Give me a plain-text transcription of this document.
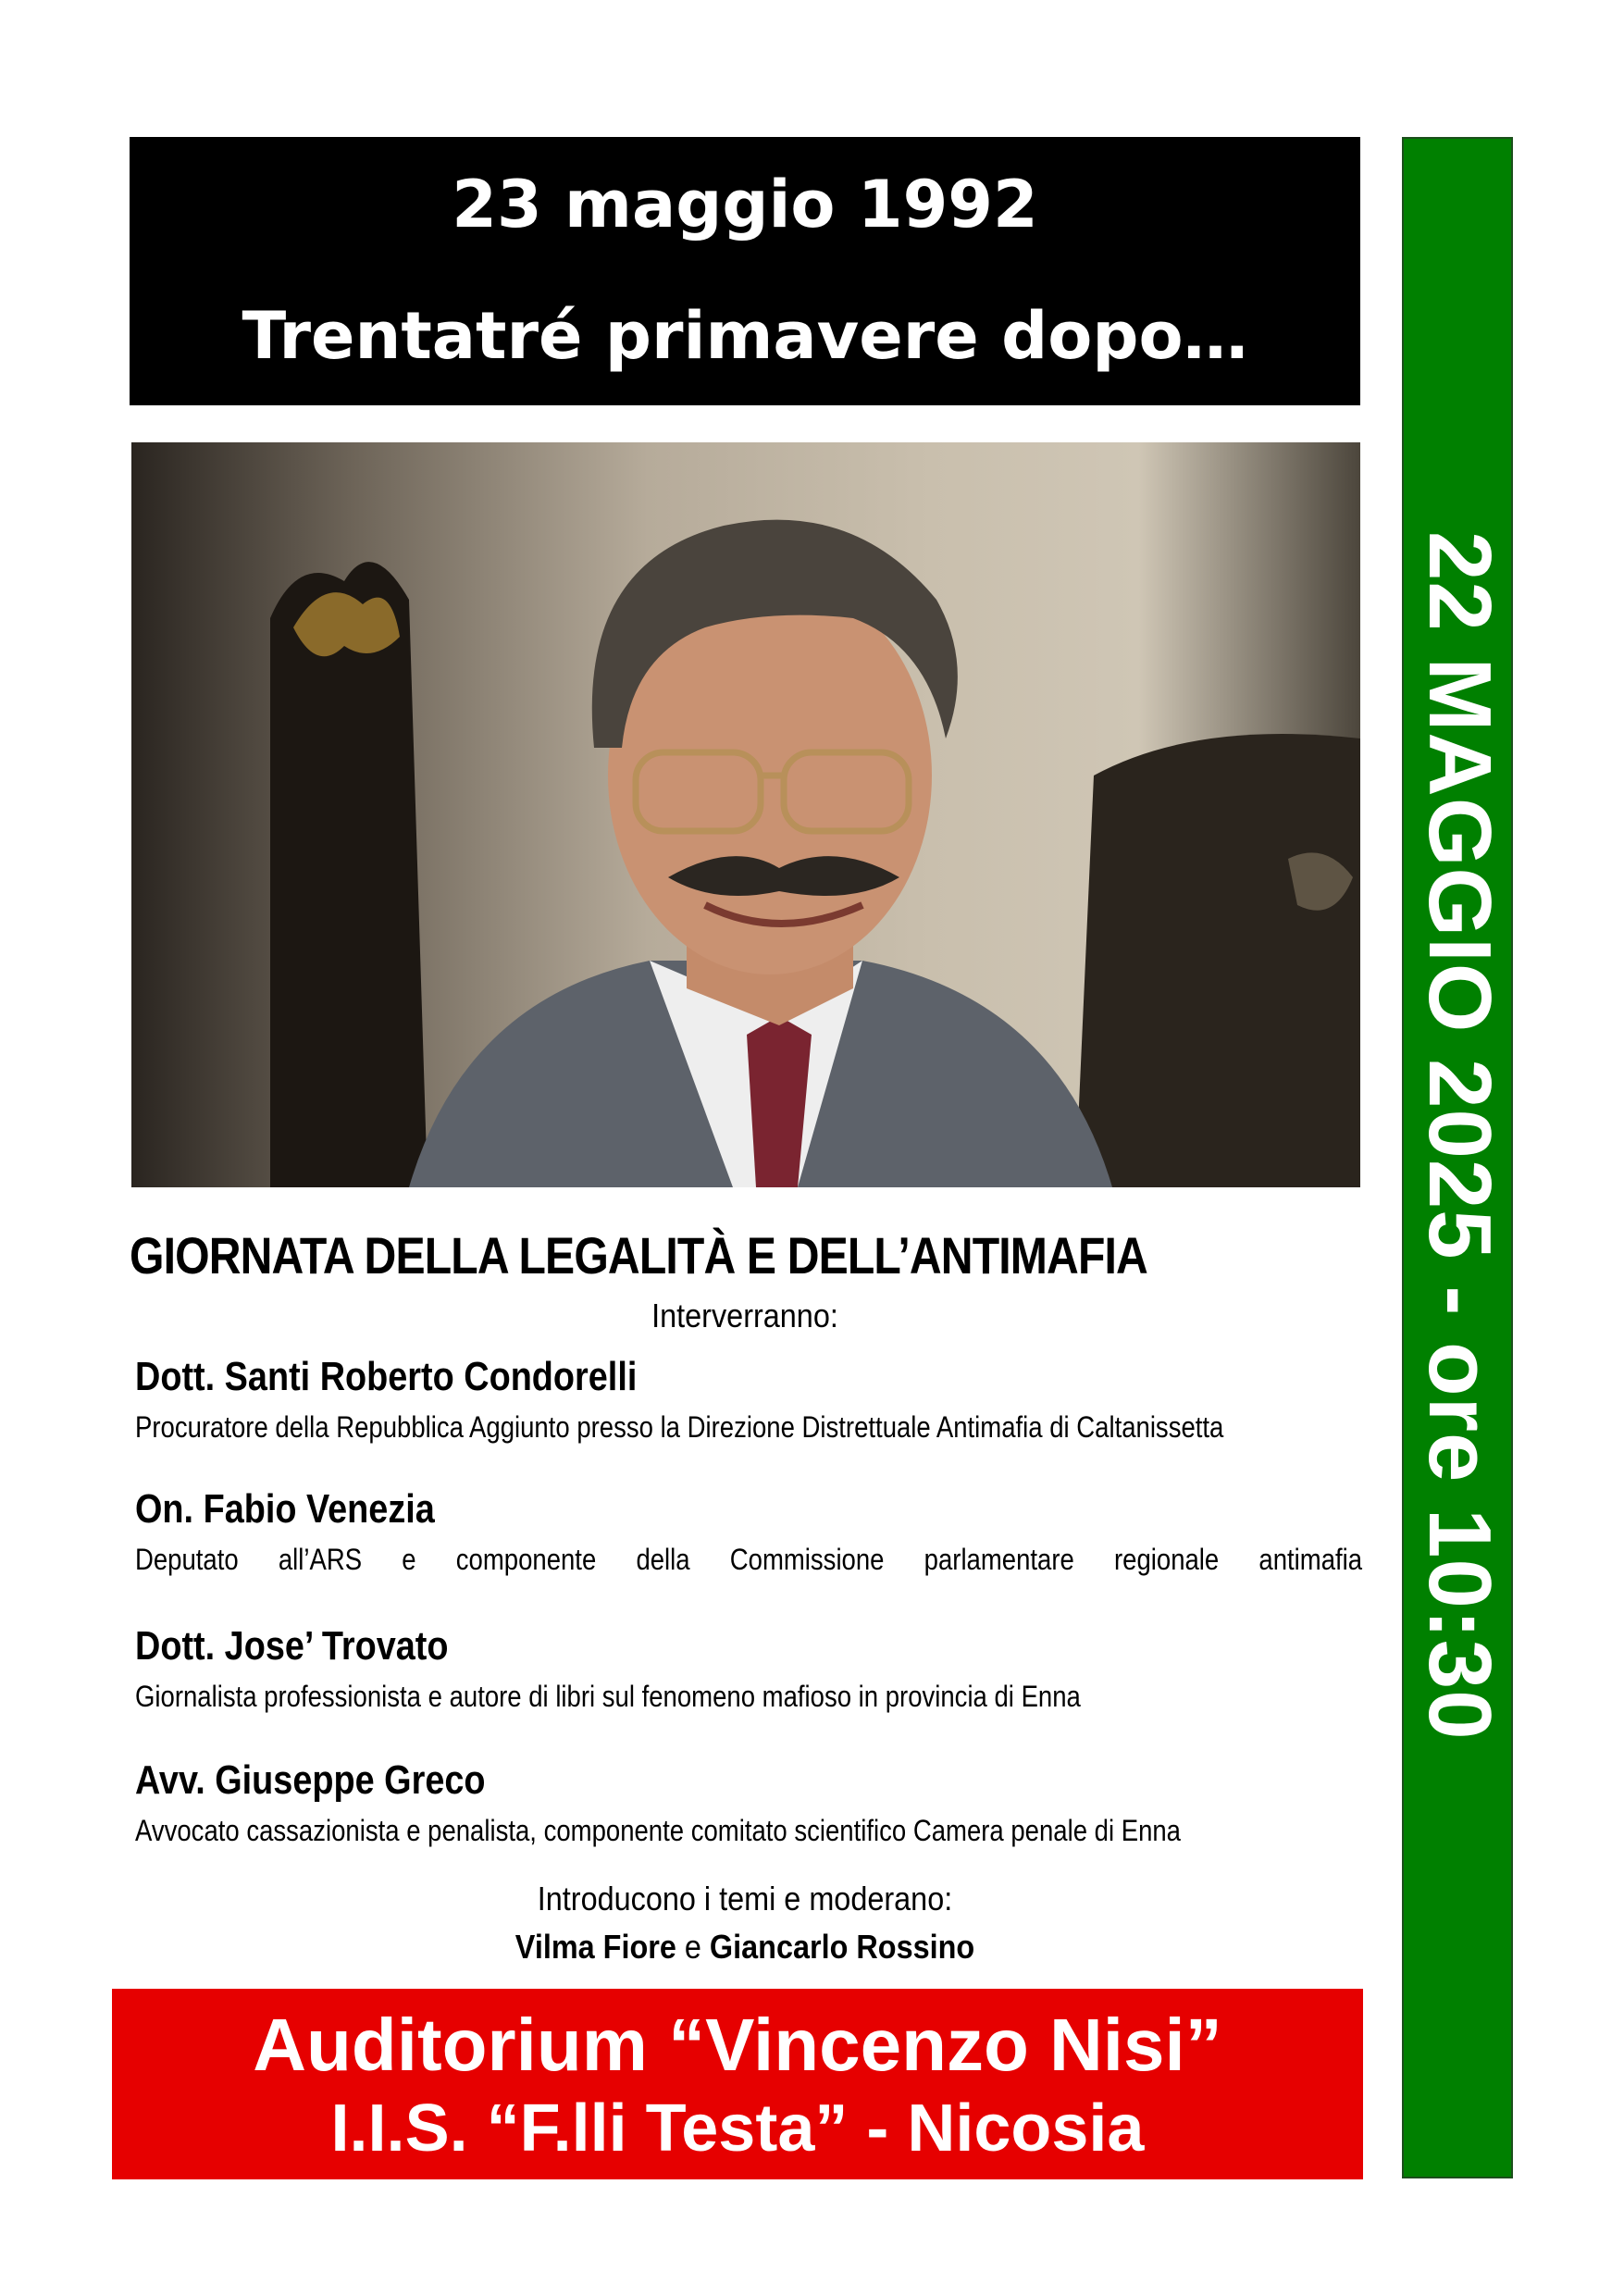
23 maggio 1992
Trentatré primavere dopo…
GIORNATA DELLA LEGALITÀ E DELL’ANTIMAFIA
Interverranno:
Dott. Santi Roberto Condorelli
Procuratore della Repubblica Aggiunto presso la Direzione Distrettuale Antimafia di Caltanissetta
On. Fabio Venezia
Deputato all’ARS e componente della Commissione parlamentare regionale antimafia
Dott. Jose’ Trovato
Giornalista professionista e autore di libri sul fenomeno mafioso in provincia di Enna
Avv. Giuseppe Greco
Avvocato cassazionista e penalista, componente comitato scientifico Camera penale di Enna
Introducono i temi e moderano:
Vilma Fiore e Giancarlo Rossino
Auditorium “Vincenzo Nisi”
I.I.S. “F.lli Testa” - Nicosia
22 MAGGIO 2025 - ore 10:30
